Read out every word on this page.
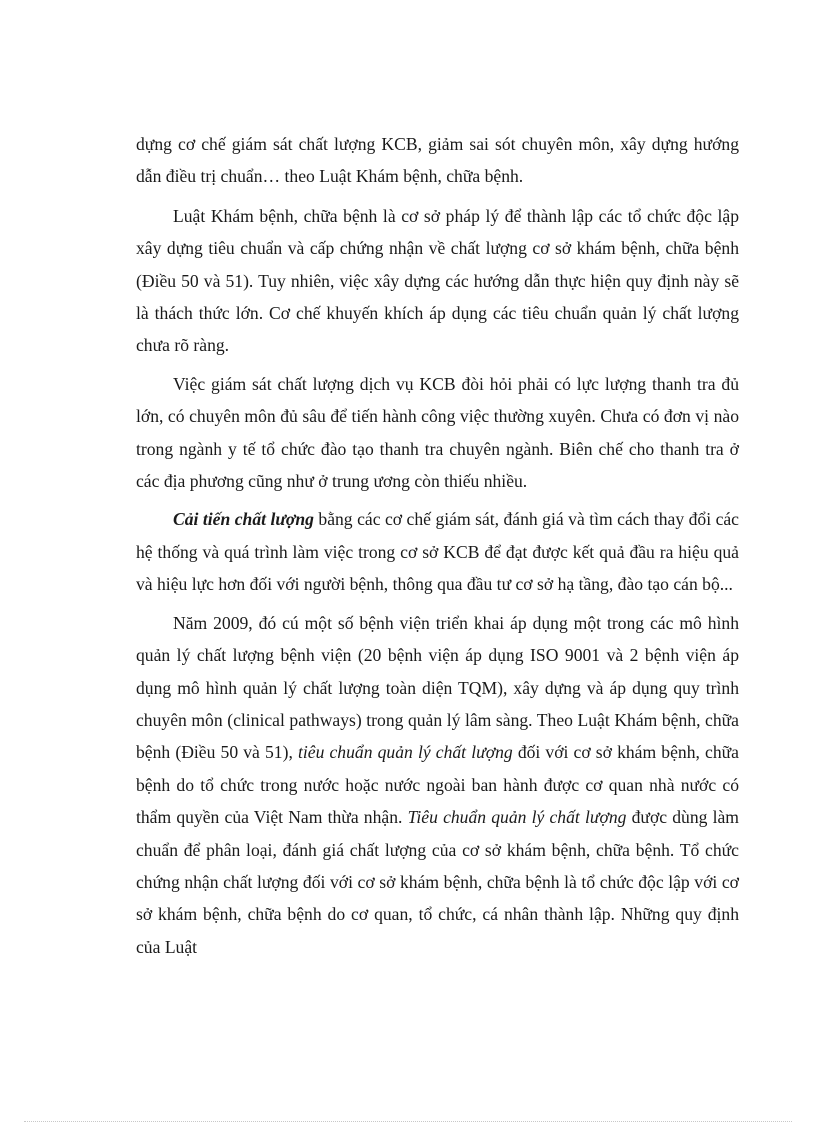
dựng cơ chế giám sát chất lượng KCB, giảm sai sót chuyên môn, xây dựng hướng dẫn điều trị chuẩn… theo Luật Khám bệnh, chữa bệnh.

Luật Khám bệnh, chữa bệnh là cơ sở pháp lý để thành lập các tổ chức độc lập xây dựng tiêu chuẩn và cấp chứng nhận về chất lượng cơ sở khám bệnh, chữa bệnh (Điều 50 và 51). Tuy nhiên, việc xây dựng các hướng dẫn thực hiện quy định này sẽ là thách thức lớn. Cơ chế khuyến khích áp dụng các tiêu chuẩn quản lý chất lượng chưa rõ ràng.

Việc giám sát chất lượng dịch vụ KCB đòi hỏi phải có lực lượng thanh tra đủ lớn, có chuyên môn đủ sâu để tiến hành công việc thường xuyên. Chưa có đơn vị nào trong ngành y tế tổ chức đào tạo thanh tra chuyên ngành. Biên chế cho thanh tra ở các địa phương cũng như ở trung ương còn thiếu nhiều.

Cải tiến chất lượng bằng các cơ chế giám sát, đánh giá và tìm cách thay đổi các hệ thống và quá trình làm việc trong cơ sở KCB để đạt được kết quả đầu ra hiệu quả và hiệu lực hơn đối với người bệnh, thông qua đầu tư cơ sở hạ tầng, đào tạo cán bộ...

Năm 2009, đó cú một số bệnh viện triển khai áp dụng một trong các mô hình quản lý chất lượng bệnh viện (20 bệnh viện áp dụng ISO 9001 và 2 bệnh viện áp dụng mô hình quản lý chất lượng toàn diện TQM), xây dựng và áp dụng quy trình chuyên môn (clinical pathways) trong quản lý lâm sàng. Theo Luật Khám bệnh, chữa bệnh (Điều 50 và 51), tiêu chuẩn quản lý chất lượng đối với cơ sở khám bệnh, chữa bệnh do tổ chức trong nước hoặc nước ngoài ban hành được cơ quan nhà nước có thẩm quyền của Việt Nam thừa nhận. Tiêu chuẩn quản lý chất lượng được dùng làm chuẩn để phân loại, đánh giá chất lượng của cơ sở khám bệnh, chữa bệnh. Tổ chức chứng nhận chất lượng đối với cơ sở khám bệnh, chữa bệnh là tổ chức độc lập với cơ sở khám bệnh, chữa bệnh do cơ quan, tổ chức, cá nhân thành lập. Những quy định của Luật
